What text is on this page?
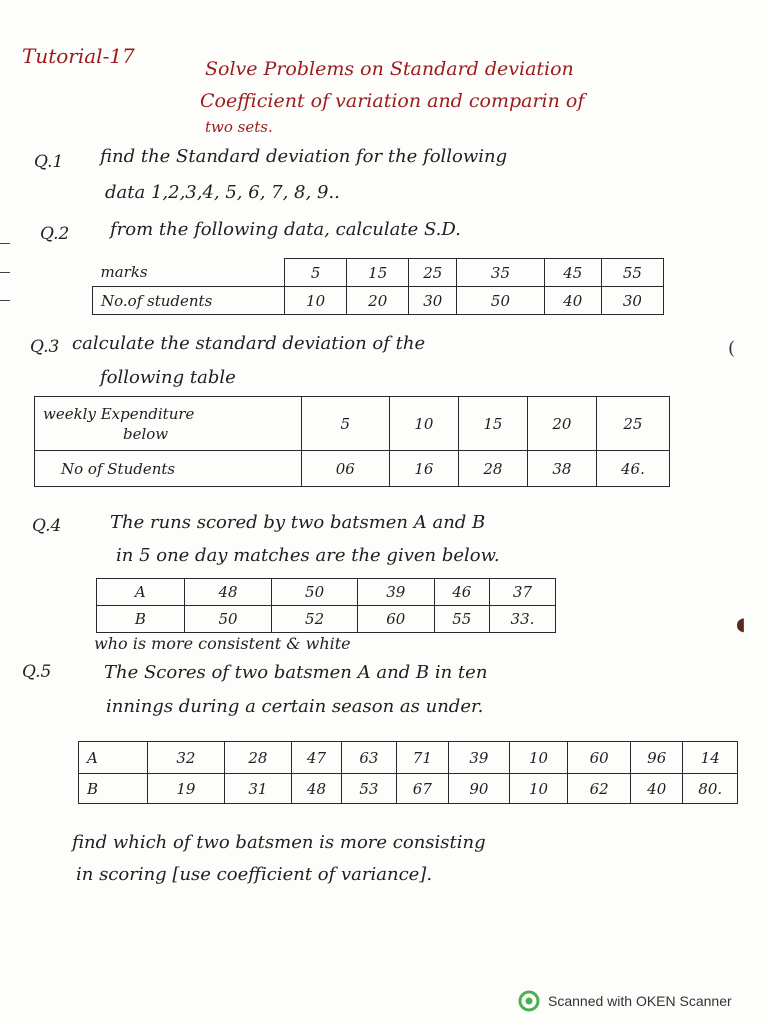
Tutorial-17
Solve Problems on Standard deviation
Coefficient of variation and comparin of
two sets.
Q.1 find the Standard deviation for the following
data 1,2,3,4, 5, 6, 7, 8, 9..
Q.2 from the following data, calculate S.D.
marks	5	15	25	35	45	55
No.of students	10	20	30	50	40	30
Q.3 calculate the standard deviation of the
following table
(
weekly Expenditure
below	5	10	15	20	25
No of Students	06	16	28	38	46.
Q.4	The runs scored by two batsmen A and B
in 5 one day matches are the given below.
A	48	50	39	46	37
B	50	52	60	55	33.
who is more consistent & white
◖
Q.5	The Scores of two batsmen A and B in ten
innings during a certain season as under.
A	32	28	47	63	71	39	10	60	96	14
B	19	31	48	53	67	90	10	62	40	80.
find which of two batsmen is more consisting
in scoring [use coefficient of variance].
Scanned with OKEN Scanner
